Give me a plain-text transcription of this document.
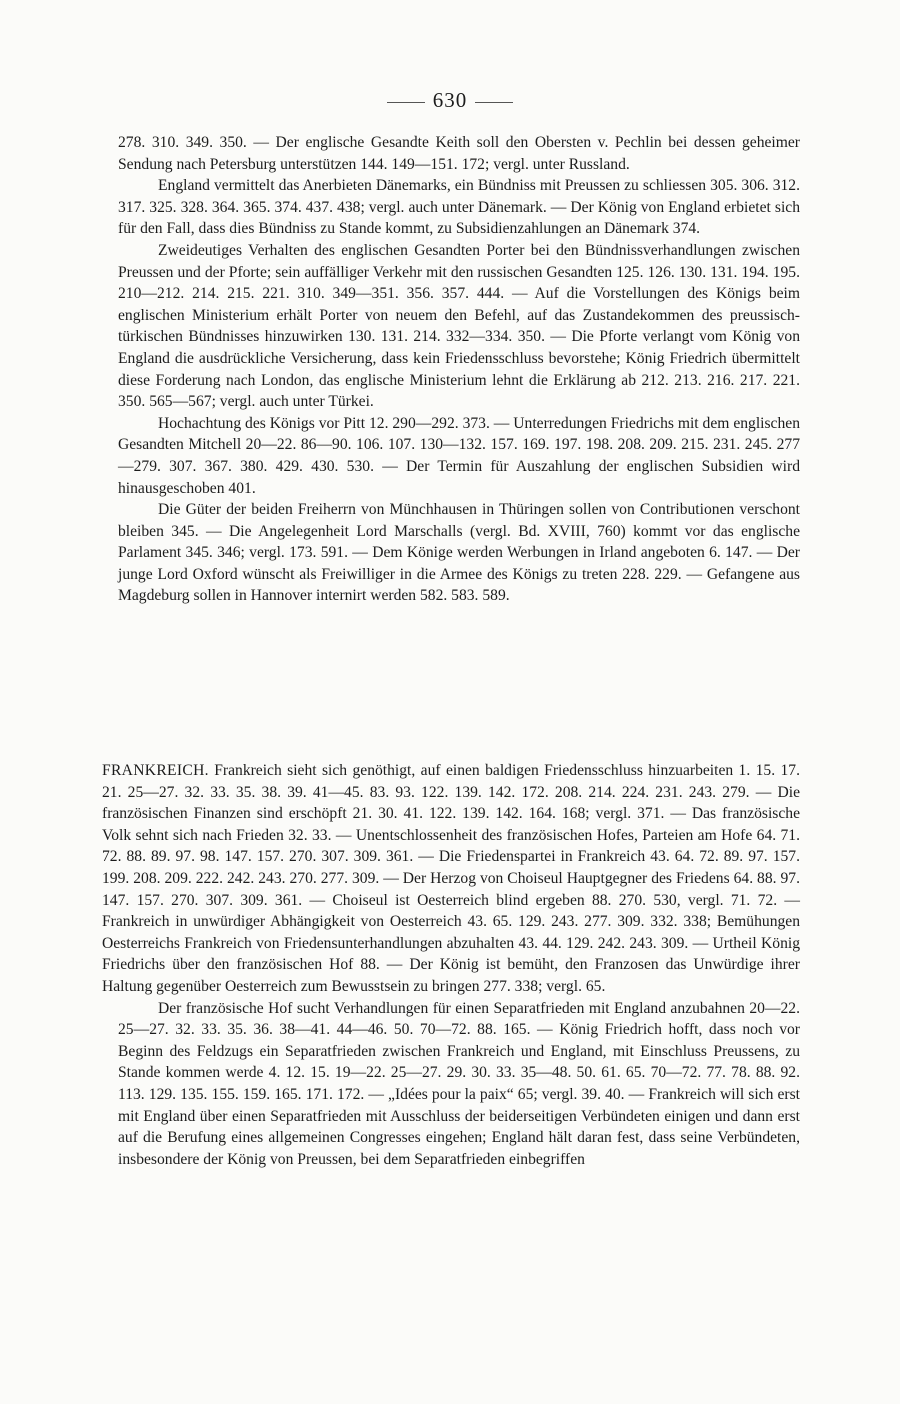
630

278. 310. 349. 350. — Der englische Gesandte Keith soll den Obersten v. Pechlin bei dessen geheimer Sendung nach Petersburg unterstützen 144. 149—151. 172; vergl. unter Russland.

England vermittelt das Anerbieten Dänemarks, ein Bündniss mit Preussen zu schliessen 305. 306. 312. 317. 325. 328. 364. 365. 374. 437. 438; vergl. auch unter Dänemark. — Der König von England erbietet sich für den Fall, dass dies Bündniss zu Stande kommt, zu Subsidienzahlungen an Dänemark 374.

Zweideutiges Verhalten des englischen Gesandten Porter bei den Bündnissverhandlungen zwischen Preussen und der Pforte; sein auffälliger Verkehr mit den russischen Gesandten 125. 126. 130. 131. 194. 195. 210—212. 214. 215. 221. 310. 349—351. 356. 357. 444. — Auf die Vorstellungen des Königs beim englischen Ministerium erhält Porter von neuem den Befehl, auf das Zustandekommen des preussisch-türkischen Bündnisses hinzuwirken 130. 131. 214. 332—334. 350. — Die Pforte verlangt vom König von England die ausdrückliche Versicherung, dass kein Friedensschluss bevorstehe; König Friedrich übermittelt diese Forderung nach London, das englische Ministerium lehnt die Erklärung ab 212. 213. 216. 217. 221. 350. 565—567; vergl. auch unter Türkei.

Hochachtung des Königs vor Pitt 12. 290—292. 373. — Unterredungen Friedrichs mit dem englischen Gesandten Mitchell 20—22. 86—90. 106. 107. 130—132. 157. 169. 197. 198. 208. 209. 215. 231. 245. 277—279. 307. 367. 380. 429. 430. 530. — Der Termin für Auszahlung der englischen Subsidien wird hinausgeschoben 401.

Die Güter der beiden Freiherrn von Münchhausen in Thüringen sollen von Contributionen verschont bleiben 345. — Die Angelegenheit Lord Marschalls (vergl. Bd. XVIII, 760) kommt vor das englische Parlament 345. 346; vergl. 173. 591. — Dem Könige werden Werbungen in Irland angeboten 6. 147. — Der junge Lord Oxford wünscht als Freiwilliger in die Armee des Königs zu treten 228. 229. — Gefangene aus Magdeburg sollen in Hannover internirt werden 582. 583. 589.

FRANKREICH. Frankreich sieht sich genöthigt, auf einen baldigen Friedensschluss hinzuarbeiten 1. 15. 17. 21. 25—27. 32. 33. 35. 38. 39. 41—45. 83. 93. 122. 139. 142. 172. 208. 214. 224. 231. 243. 279. — Die französischen Finanzen sind erschöpft 21. 30. 41. 122. 139. 142. 164. 168; vergl. 371. — Das französische Volk sehnt sich nach Frieden 32. 33. — Unentschlossenheit des französischen Hofes, Parteien am Hofe 64. 71. 72. 88. 89. 97. 98. 147. 157. 270. 307. 309. 361. — Die Friedenspartei in Frankreich 43. 64. 72. 89. 97. 157. 199. 208. 209. 222. 242. 243. 270. 277. 309. — Der Herzog von Choiseul Hauptgegner des Friedens 64. 88. 97. 147. 157. 270. 307. 309. 361. — Choiseul ist Oesterreich blind ergeben 88. 270. 530, vergl. 71. 72. — Frankreich in unwürdiger Abhängigkeit von Oesterreich 43. 65. 129. 243. 277. 309. 332. 338; Bemühungen Oesterreichs Frankreich von Friedensunterhandlungen abzuhalten 43. 44. 129. 242. 243. 309. — Urtheil König Friedrichs über den französischen Hof 88. — Der König ist bemüht, den Franzosen das Unwürdige ihrer Haltung gegenüber Oesterreich zum Bewusstsein zu bringen 277. 338; vergl. 65.

Der französische Hof sucht Verhandlungen für einen Separatfrieden mit England anzubahnen 20—22. 25—27. 32. 33. 35. 36. 38—41. 44—46. 50. 70—72. 88. 165. — König Friedrich hofft, dass noch vor Beginn des Feldzugs ein Separatfrieden zwischen Frankreich und England, mit Einschluss Preussens, zu Stande kommen werde 4. 12. 15. 19—22. 25—27. 29. 30. 33. 35—48. 50. 61. 65. 70—72. 77. 78. 88. 92. 113. 129. 135. 155. 159. 165. 171. 172. — „Idées pour la paix“ 65; vergl. 39. 40. — Frankreich will sich erst mit England über einen Separatfrieden mit Ausschluss der beiderseitigen Verbündeten einigen und dann erst auf die Berufung eines allgemeinen Congresses eingehen; England hält daran fest, dass seine Verbündeten, insbesondere der König von Preussen, bei dem Separatfrieden einbegriffen
